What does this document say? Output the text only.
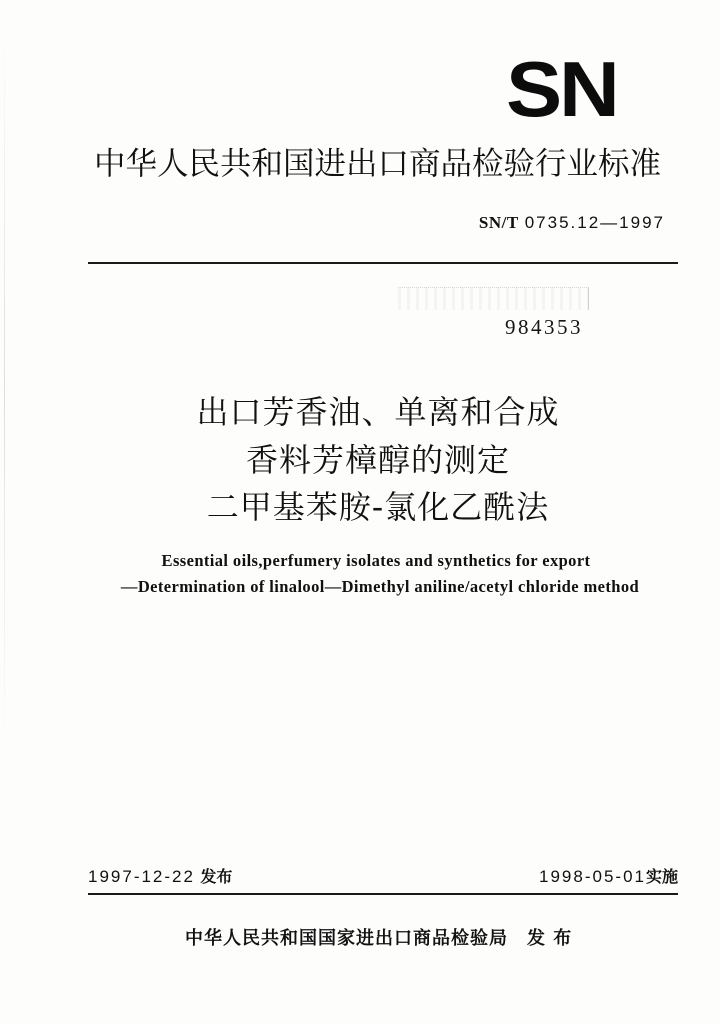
SN
中华人民共和国进出口商品检验行业标准
SN/T 0735.12—1997
984353
出口芳香油、单离和合成
香料芳樟醇的测定
二甲基苯胺-氯化乙酰法
Essential oils,perfumery isolates and synthetics for export
—Determination of linalool—Dimethyl aniline/acetyl chloride method
1997-12-22 发布	1998-05-01实施
中华人民共和国国家进出口商品检验局 发 布
